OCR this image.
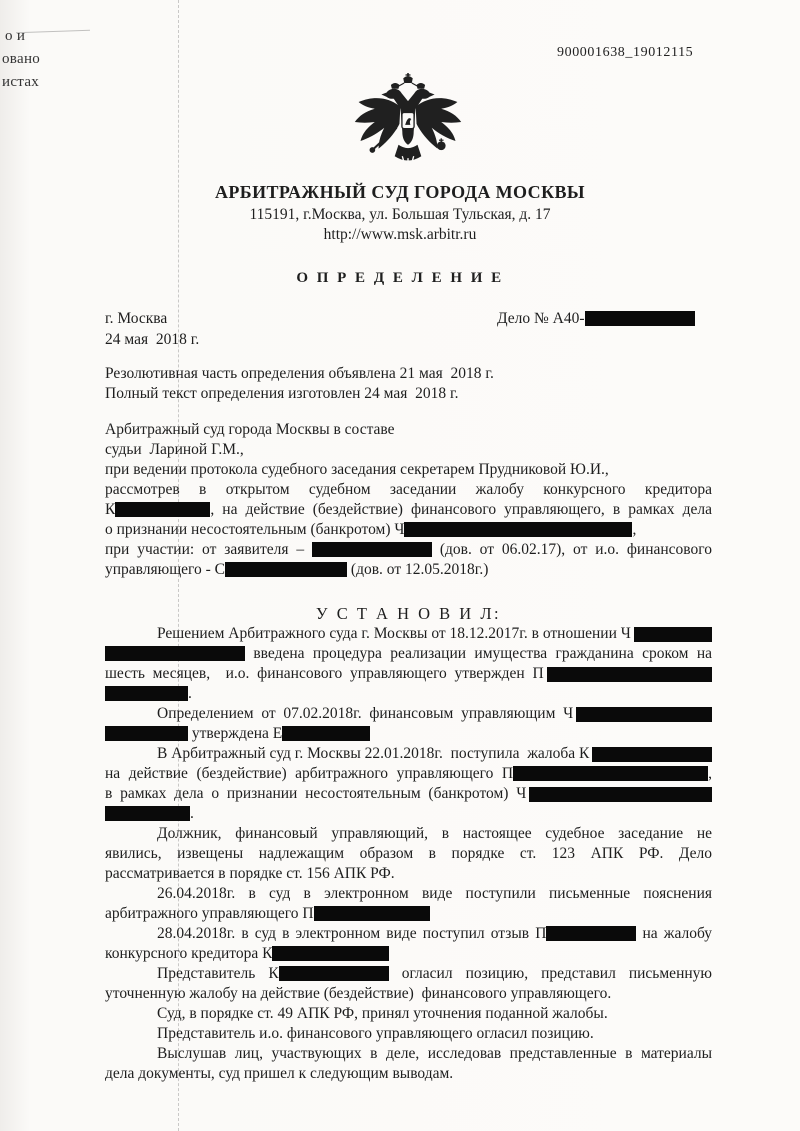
о и
овано
истах
900001638_19012115
АРБИТРАЖНЫЙ СУД ГОРОДА МОСКВЫ
115191, г.Москва, ул. Большая Тульская, д. 17
http://www.msk.arbitr.ru
О П Р Е Д Е Л Е Н И Е
г. Москва	Дело № А40-
24 мая  2018 г.
Резолютивная часть определения объявлена 21 мая  2018 г.
Полный текст определения изготовлен 24 мая  2018 г.
Арбитражный суд города Москвы в составе
судьи  Лариной Г.М.,
при ведении протокола судебного заседания секретарем Прудниковой Ю.И.,
рассмотрев в открытом судебном заседании жалобу конкурсного кредитора
К	, на действие (бездействие) финансового управляющего, в рамках дела
о признании несостоятельным (банкротом) Ч	,
при участии: от заявителя –	(дов. от 06.02.17), от и.о. финансового
управляющего - С	(дов. от 12.05.2018г.)
У С Т А Н О В И Л:
Решением Арбитражного суда г. Москвы от 18.12.2017г. в отношении Ч
введена процедура реализации имущества гражданина сроком на
шесть  месяцев,    и.о.  финансового  управляющего  утвержден  П
.
Определением  от  07.02.2018г.  финансовым  управляющим  Ч
утверждена Е
В Арбитражный суд г. Москвы 22.01.2018г.  поступила  жалоба К
на действие (бездействие) арбитражного управляющего П	,
в  рамках  дела  о  признании  несостоятельным  (банкротом)  Ч
.
Должник, финансовый управляющий, в настоящее судебное заседание не
явились, извещены надлежащим образом в порядке ст. 123 АПК РФ. Дело
рассматривается в порядке ст. 156 АПК РФ.
26.04.2018г. в суд в электронном виде поступили письменные пояснения
арбитражного управляющего П
28.04.2018г. в суд в электронном виде поступил отзыв П	на жалобу
конкурсного кредитора К
Представитель К	огласил позицию, представил письменную
уточненную жалобу на действие (бездействие)  финансового управляющего.
Суд, в порядке ст. 49 АПК РФ, принял уточнения поданной жалобы.
Представитель и.о. финансового управляющего огласил позицию.
Выслушав лиц, участвующих в деле, исследовав представленные в материалы
дела документы, суд пришел к следующим выводам.
